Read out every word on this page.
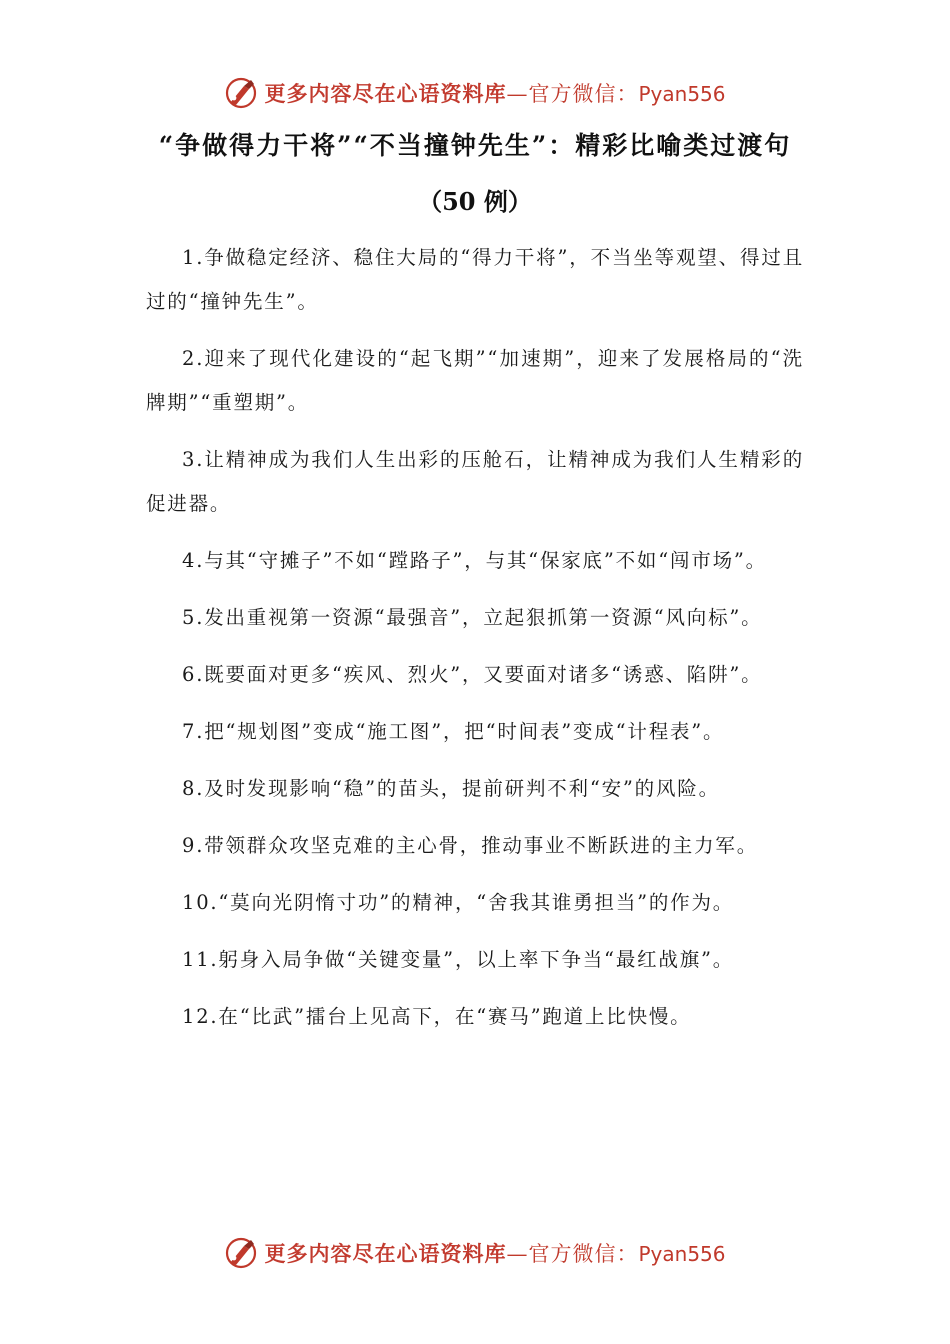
更多内容尽在心语资料库—官方微信：Pyan556
“争做得力干将”“不当撞钟先生”：精彩比喻类过渡句
（50 例）

1.争做稳定经济、稳住大局的“得力干将”，不当坐等观望、得过且过的“撞钟先生”。

2.迎来了现代化建设的“起飞期”“加速期”，迎来了发展格局的“洗牌期”“重塑期”。

3.让精神成为我们人生出彩的压舱石，让精神成为我们人生精彩的促进器。

4.与其“守摊子”不如“蹚路子”，与其“保家底”不如“闯市场”。

5.发出重视第一资源“最强音”，立起狠抓第一资源“风向标”。

6.既要面对更多“疾风、烈火”，又要面对诸多“诱惑、陷阱”。

7.把“规划图”变成“施工图”，把“时间表”变成“计程表”。

8.及时发现影响“稳”的苗头，提前研判不利“安”的风险。

9.带领群众攻坚克难的主心骨，推动事业不断跃进的主力军。

10.“莫向光阴惰寸功”的精神，“舍我其谁勇担当”的作为。

11.躬身入局争做“关键变量”，以上率下争当“最红战旗”。

12.在“比武”擂台上见高下，在“赛马”跑道上比快慢。

更多内容尽在心语资料库—官方微信：Pyan556
